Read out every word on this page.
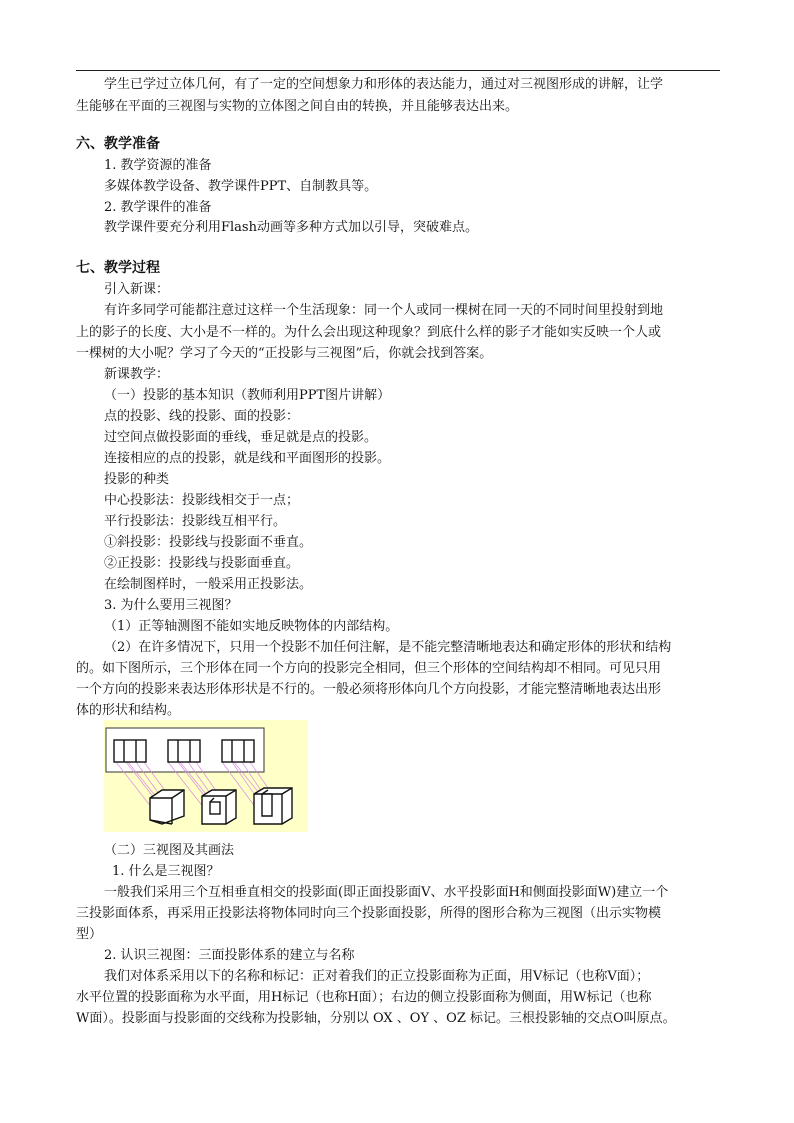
学生已学过立体几何，有了一定的空间想象力和形体的表达能力，通过对三视图形成的讲解，让学
生能够在平面的三视图与实物的立体图之间自由的转换，并且能够表达出来。
六、教学准备
1. 教学资源的准备
多媒体教学设备、教学课件PPT、自制教具等。
2. 教学课件的准备
教学课件要充分利用Flash动画等多种方式加以引导，突破难点。
七、教学过程
引入新课：
有许多同学可能都注意过这样一个生活现象：同一个人或同一棵树在同一天的不同时间里投射到地
上的影子的长度、大小是不一样的。为什么会出现这种现象？到底什么样的影子才能如实反映一个人或
一棵树的大小呢？学习了今天的“正投影与三视图”后，你就会找到答案。
新课教学：
（一）投影的基本知识（教师利用PPT图片讲解）
点的投影、线的投影、面的投影：
过空间点做投影面的垂线，垂足就是点的投影。
连接相应的点的投影，就是线和平面图形的投影。
投影的种类
中心投影法：投影线相交于一点；
平行投影法：投影线互相平行。
①斜投影：投影线与投影面不垂直。
②正投影：投影线与投影面垂直。
在绘制图样时，一般采用正投影法。
3. 为什么要用三视图？
（1）正等轴测图不能如实地反映物体的内部结构。
（2）在许多情况下，只用一个投影不加任何注解，是不能完整清晰地表达和确定形体的形状和结构
的。如下图所示，三个形体在同一个方向的投影完全相同，但三个形体的空间结构却不相同。可见只用
一个方向的投影来表达形体形状是不行的。一般必须将形体向几个方向投影，才能完整清晰地表达出形
体的形状和结构。
（二）三视图及其画法
1. 什么是三视图？
一般我们采用三个互相垂直相交的投影面(即正面投影面V、水平投影面H和侧面投影面W)建立一个
三投影面体系，再采用正投影法将物体同时向三个投影面投影，所得的图形合称为三视图（出示实物模
型）
2. 认识三视图：三面投影体系的建立与名称
我们对体系采用以下的名称和标记：正对着我们的正立投影面称为正面，用V标记（也称V面）；
水平位置的投影面称为水平面，用H标记（也称H面）；右边的侧立投影面称为侧面，用W标记（也称
W面）。投影面与投影面的交线称为投影轴，分别以 OX 、OY 、OZ 标记。三根投影轴的交点O叫原点。
